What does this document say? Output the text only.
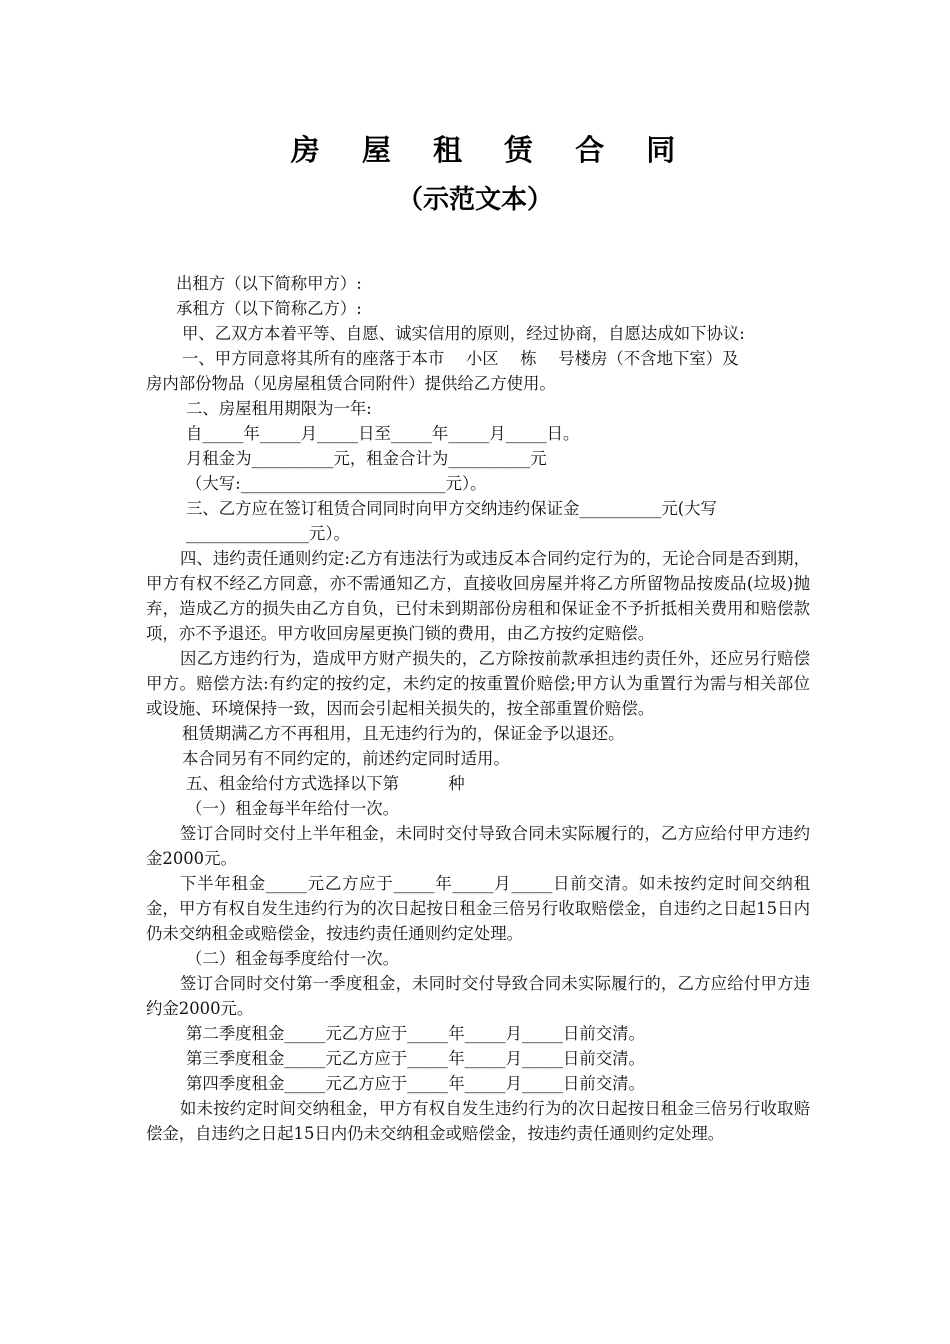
房 屋 租 赁 合 同
（示范文本）

出租方（以下简称甲方）:

承租方（以下简称乙方）:

甲、乙双方本着平等、自愿、诚实信用的原则，经过协商，自愿达成如下协议:

一、甲方同意将其所有的座落于本市　 小区　 栋　 号楼房（不含地下室）及

房内部份物品（见房屋租赁合同附件）提供给乙方使用。

二、房屋租用期限为一年:

自_____年_____月_____日至_____年_____月_____日。

月租金为__________元，租金合计为__________元

（大写:_________________________元）。

三、乙方应在签订租赁合同同时向甲方交纳违约保证金__________元(大写

_______________元）。

四、违约责任通则约定:乙方有违法行为或违反本合同约定行为的，无论合同是否到期，甲方有权不经乙方同意，亦不需通知乙方，直接收回房屋并将乙方所留物品按废品(垃圾)抛弃，造成乙方的损失由乙方自负，已付未到期部份房租和保证金不予折抵相关费用和赔偿款项，亦不予退还。甲方收回房屋更换门锁的费用，由乙方按约定赔偿。

因乙方违约行为，造成甲方财产损失的，乙方除按前款承担违约责任外，还应另行赔偿甲方。赔偿方法:有约定的按约定，未约定的按重置价赔偿;甲方认为重置行为需与相关部位或设施、环境保持一致，因而会引起相关损失的，按全部重置价赔偿。

租赁期满乙方不再租用，且无违约行为的，保证金予以退还。

本合同另有不同约定的，前述约定同时适用。

五、租金给付方式选择以下第　　　种

（一）租金每半年给付一次。

签订合同时交付上半年租金，未同时交付导致合同未实际履行的，乙方应给付甲方违约金2000元。

下半年租金_____元乙方应于_____年_____月_____日前交清。如未按约定时间交纳租金，甲方有权自发生违约行为的次日起按日租金三倍另行收取赔偿金，自违约之日起15日内仍未交纳租金或赔偿金，按违约责任通则约定处理。

（二）租金每季度给付一次。

签订合同时交付第一季度租金，未同时交付导致合同未实际履行的，乙方应给付甲方违约金2000元。

第二季度租金_____元乙方应于_____年_____月_____日前交清。

第三季度租金_____元乙方应于_____年_____月_____日前交清。

第四季度租金_____元乙方应于_____年_____月_____日前交清。

如未按约定时间交纳租金，甲方有权自发生违约行为的次日起按日租金三倍另行收取赔偿金，自违约之日起15日内仍未交纳租金或赔偿金，按违约责任通则约定处理。
